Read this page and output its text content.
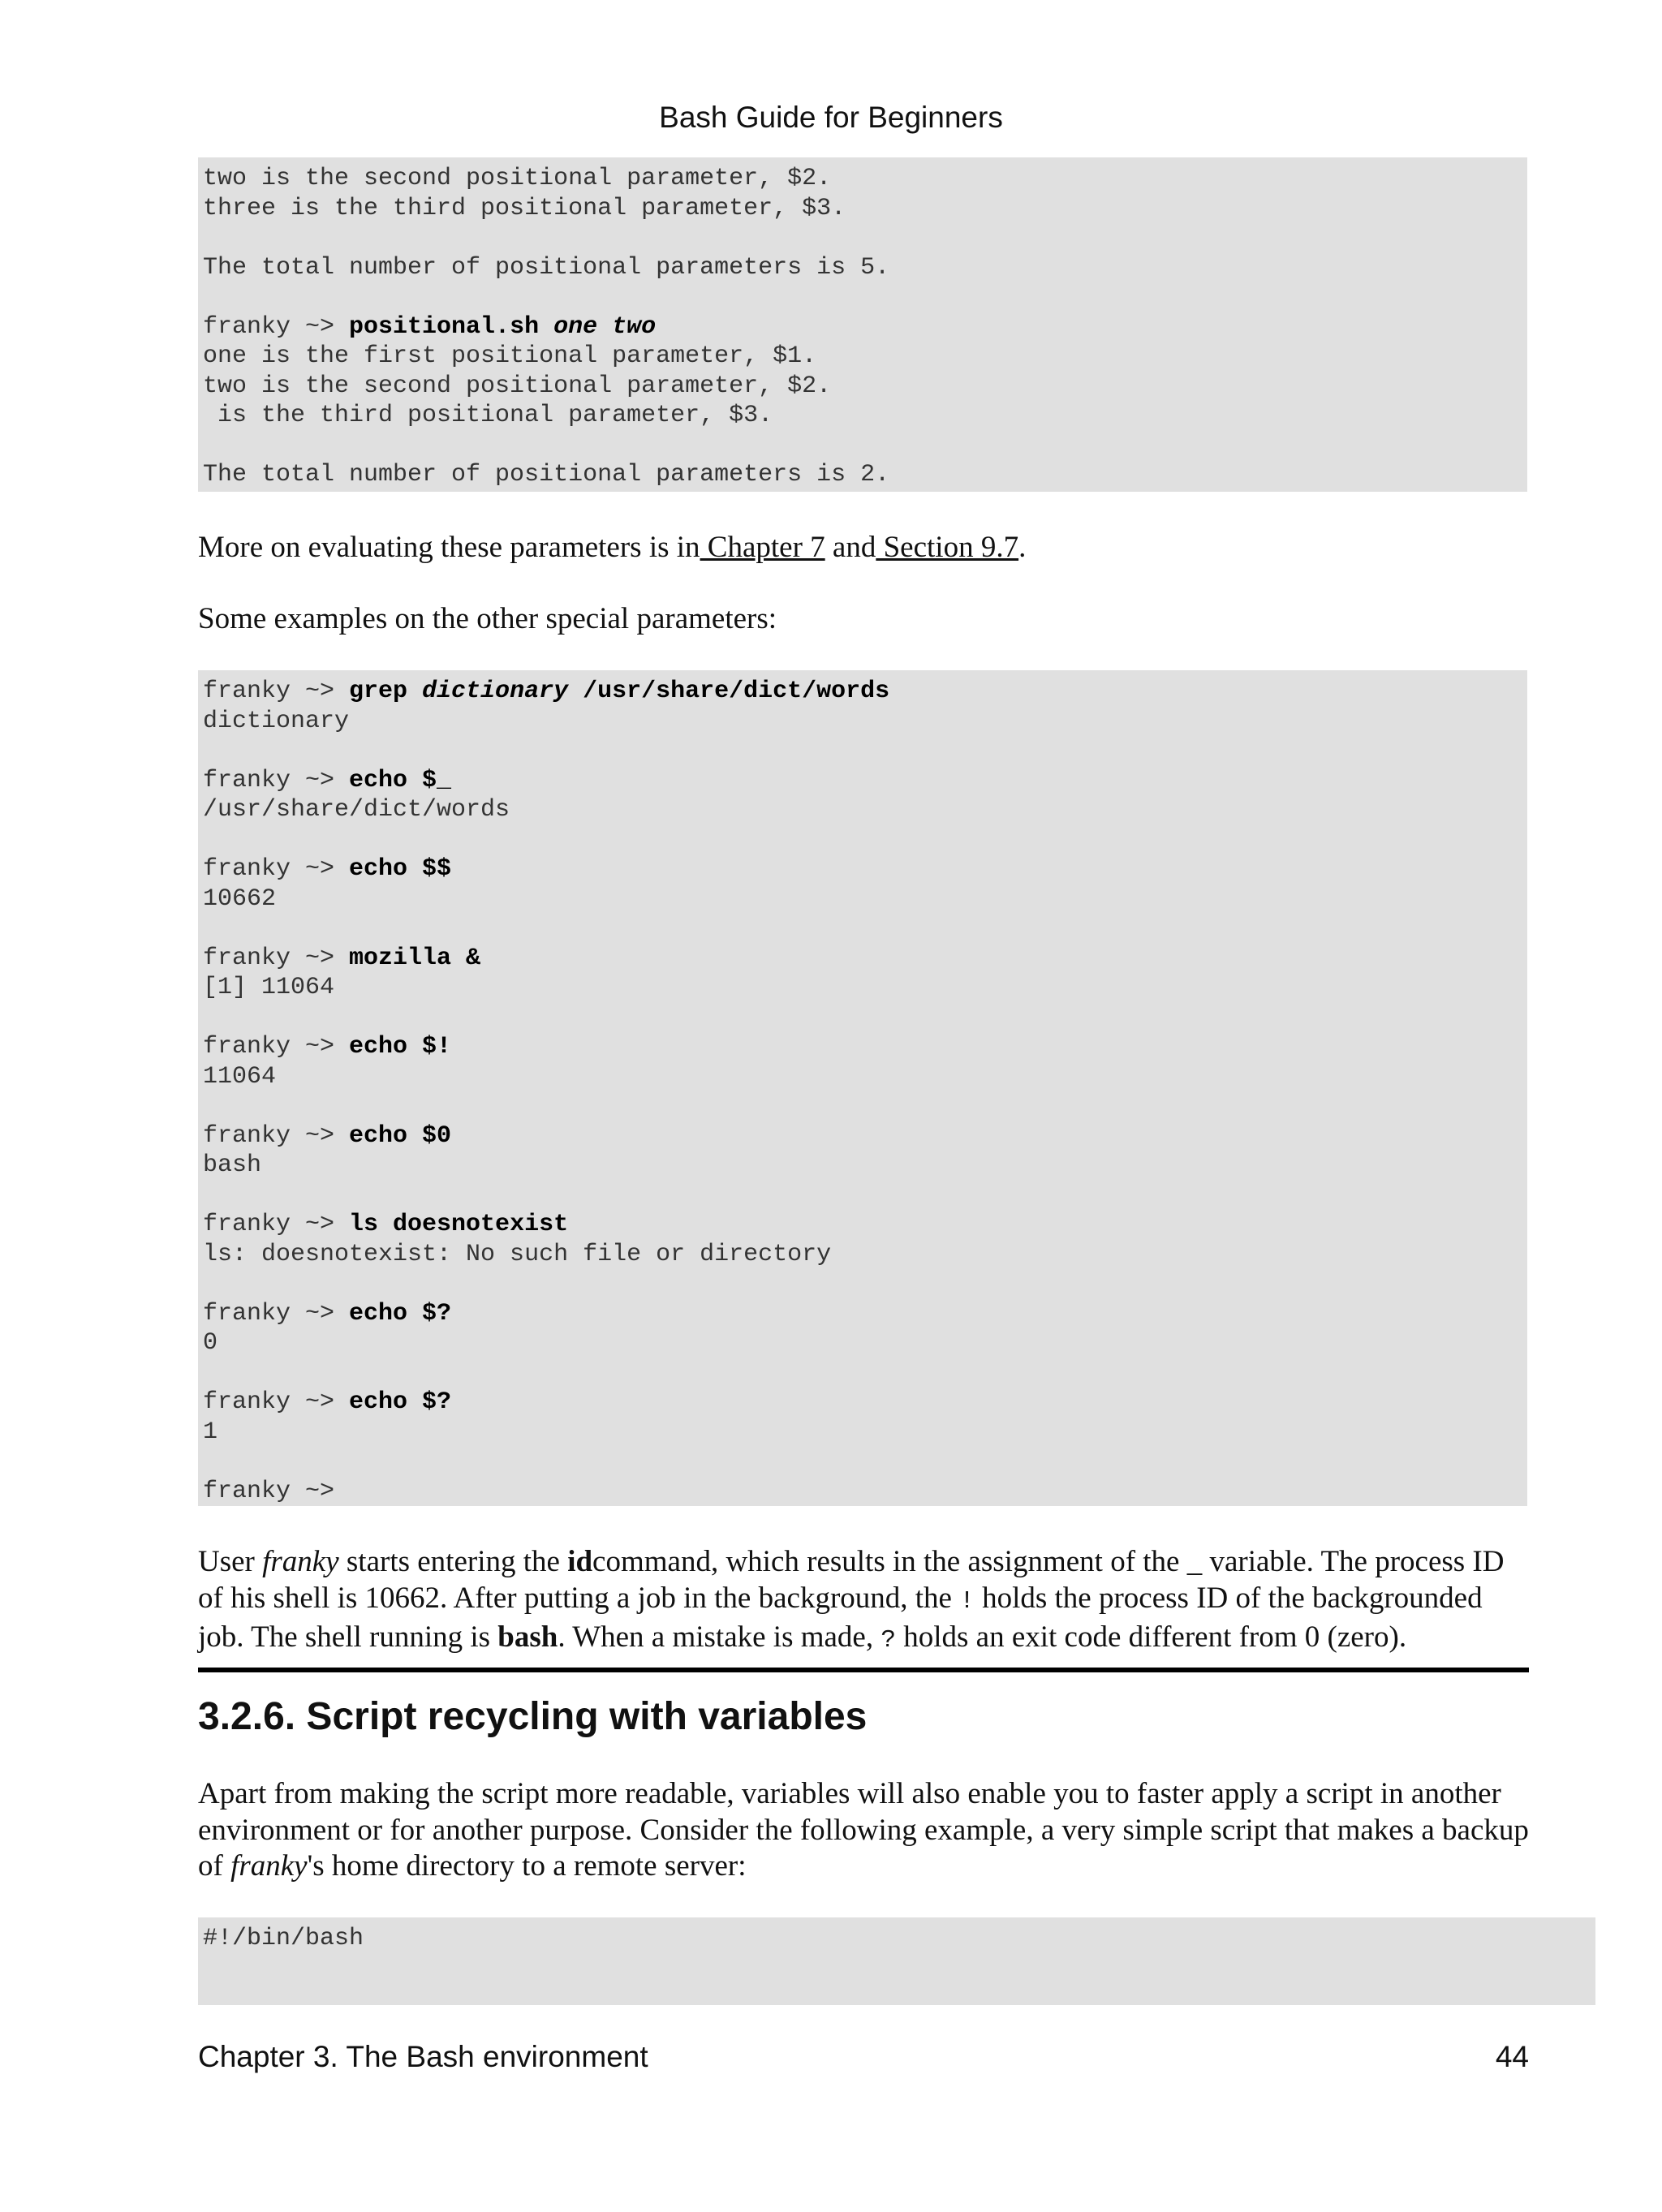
Bash Guide for Beginners
two is the second positional parameter, $2.
three is the third positional parameter, $3.
The total number of positional parameters is 5.
franky ~> positional.sh one two
one is the first positional parameter, $1.
two is the second positional parameter, $2.
is the third positional parameter, $3.
The total number of positional parameters is 2.

More on evaluating these parameters is in Chapter 7 and Section 9.7.

Some examples on the other special parameters:

franky ~> grep dictionary /usr/share/dict/words
dictionary
franky ~> echo $_
/usr/share/dict/words
franky ~> echo $$
10662
franky ~> mozilla &
[1] 11064
franky ~> echo $!
11064
franky ~> echo $0
bash
franky ~> ls doesnotexist
ls: doesnotexist: No such file or directory
franky ~> echo $?
0
franky ~> echo $?
1
franky ~>

User franky starts entering the idcommand, which results in the assignment of the _ variable. The process ID of his shell is 10662. After putting a job in the background, the ! holds the process ID of the backgrounded job. The shell running is bash. When a mistake is made, ? holds an exit code different from 0 (zero).

3.2.6. Script recycling with variables

Apart from making the script more readable, variables will also enable you to faster apply a script in another environment or for another purpose. Consider the following example, a very simple script that makes a backup of franky's home directory to a remote server:

#!/bin/bash
Chapter 3. The Bash environment	44
